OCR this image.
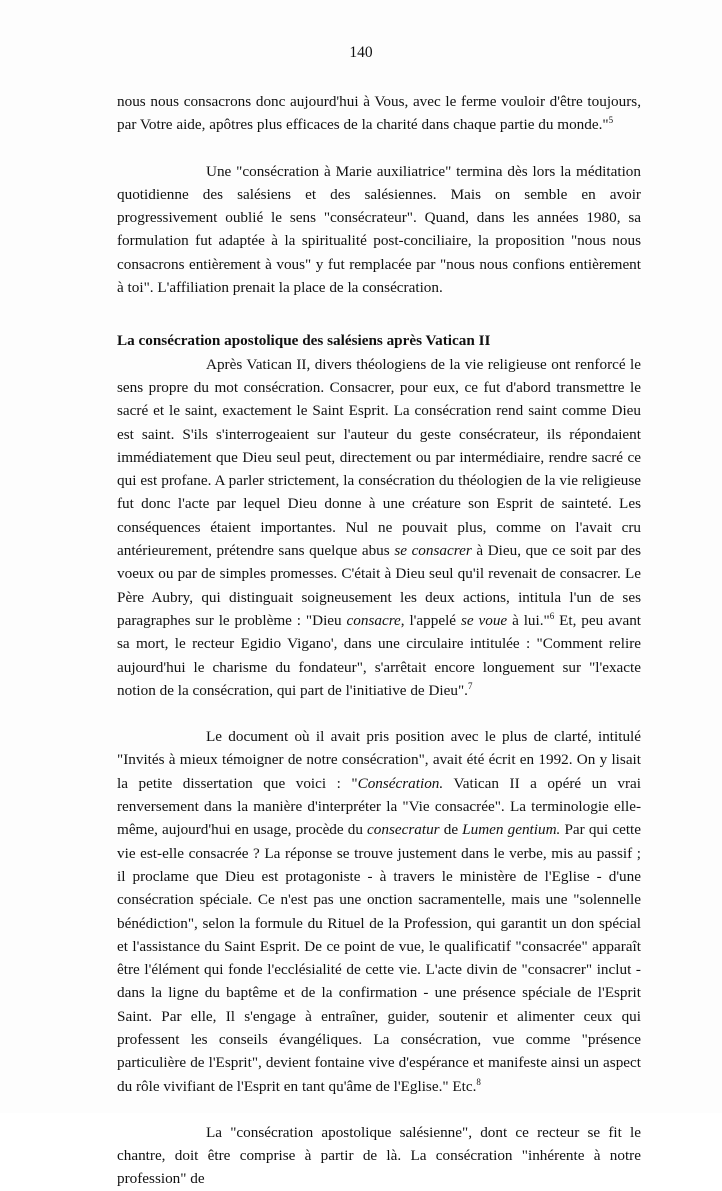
140

nous nous consacrons donc aujourd'hui à Vous, avec le ferme vouloir d'être toujours, par Votre aide, apôtres plus efficaces de la charité dans chaque partie du monde."$^5$

Une "consécration à Marie auxiliatrice" termina dès lors la méditation quotidienne des salésiens et des salésiennes. Mais on semble en avoir progressivement oublié le sens "consécrateur". Quand, dans les années 1980, sa formulation fut adaptée à la spiritualité post-conciliaire, la proposition "nous nous consacrons entièrement à vous" y fut remplacée par "nous nous confions entièrement à toi". L'affiliation prenait la place de la consécration.

La consécration apostolique des salésiens après Vatican II

Après Vatican II, divers théologiens de la vie religieuse ont renforcé le sens propre du mot consécration. Consacrer, pour eux, ce fut d'abord transmettre le sacré et le saint, exactement le Saint Esprit. La consécration rend saint comme Dieu est saint. S'ils s'interrogeaient sur l'auteur du geste consécrateur, ils répondaient immédiatement que Dieu seul peut, directement ou par intermédiaire, rendre sacré ce qui est profane. A parler strictement, la consécration du théologien de la vie religieuse fut donc l'acte par lequel Dieu donne à une créature son Esprit de sainteté. Les conséquences étaient importantes. Nul ne pouvait plus, comme on l'avait cru antérieurement, prétendre sans quelque abus se consacrer à Dieu, que ce soit par des voeux ou par de simples promesses. C'était à Dieu seul qu'il revenait de consacrer. Le Père Aubry, qui distinguait soigneusement les deux actions, intitula l'un de ses paragraphes sur le problème : "Dieu consacre, l'appelé se voue à lui."$^6$ Et, peu avant sa mort, le recteur Egidio Vigano', dans une circulaire intitulée : "Comment relire aujourd'hui le charisme du fondateur", s'arrêtait encore longuement sur "l'exacte notion de la consécration, qui part de l'initiative de Dieu".$^7$

Le document où il avait pris position avec le plus de clarté, intitulé "Invités à mieux témoigner de notre consécration", avait été écrit en 1992. On y lisait la petite dissertation que voici : "Consécration. Vatican II a opéré un vrai renversement dans la manière d'interpréter la "Vie consacrée". La terminologie elle-même, aujourd'hui en usage, procède du consecratur de Lumen gentium. Par qui cette vie est-elle consacrée ? La réponse se trouve justement dans le verbe, mis au passif ; il proclame que Dieu est protagoniste - à travers le ministère de l'Eglise - d'une consécration spéciale. Ce n'est pas une onction sacramentelle, mais une "solennelle bénédiction", selon la formule du Rituel de la Profession, qui garantit un don spécial et l'assistance du Saint Esprit. De ce point de vue, le qualificatif "consacrée" apparaît être l'élément qui fonde l'ecclésialité de cette vie. L'acte divin de "consacrer" inclut - dans la ligne du baptême et de la confirmation - une présence spéciale de l'Esprit Saint. Par elle, Il s'engage à entraîner, guider, soutenir et alimenter ceux qui professent les conseils évangéliques. La consécration, vue comme "présence particulière de l'Esprit", devient fontaine vive d'espérance et manifeste ainsi un aspect du rôle vivifiant de l'Esprit en tant qu'âme de l'Eglise." Etc.$^8$

La "consécration apostolique salésienne", dont ce recteur se fit le chantre, doit être comprise à partir de là. La consécration "inhérente à notre profession" de
